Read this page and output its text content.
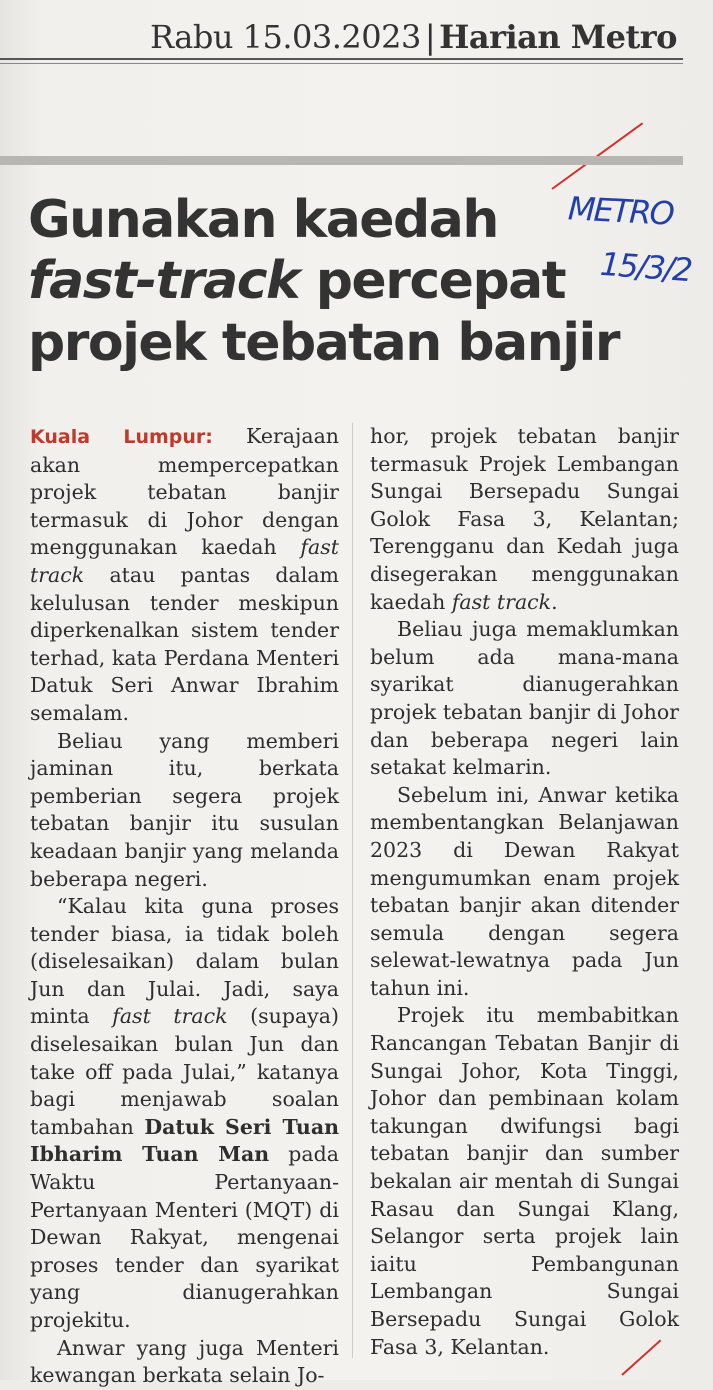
Rabu 15.03.2023 | Harian Metro
Gunakan kaedah
fast-track percepat
projek tebatan banjir
METRO
15/3/2

Kuala Lumpur: Kerajaan akan mempercepatkan projek tebatan banjir termasuk di Johor dengan menggunakan kaedah fast track atau pantas dalam kelulusan tender meskipun diperkenalkan sistem tender terhad, kata Perdana Menteri Datuk Seri Anwar Ibrahim semalam.

Beliau yang memberi jaminan itu, berkata pemberian segera projek tebatan banjir itu susulan keadaan banjir yang melanda beberapa negeri.

“Kalau kita guna proses tender biasa, ia tidak boleh (diselesaikan) dalam bulan Jun dan Julai. Jadi, saya minta fast track (supaya) diselesaikan bulan Jun dan take off pada Julai,” katanya bagi menjawab soalan tambahan Datuk Seri Tuan Ibharim Tuan Man pada Waktu Pertanyaan-Pertanyaan Menteri (MQT) di Dewan Rakyat, mengenai proses tender dan syarikat yang dianugerahkan projekitu.

Anwar yang juga Menteri kewangan berkata selain Jo-

hor, projek tebatan banjir termasuk Projek Lembangan Sungai Bersepadu Sungai Golok Fasa 3, Kelantan; Terengganu dan Kedah juga disegerakan menggunakan kaedah fast track.

Beliau juga memaklumkan belum ada mana-mana syarikat dianugerahkan projek tebatan banjir di Johor dan beberapa negeri lain setakat kelmarin.

Sebelum ini, Anwar ketika membentangkan Belanjawan 2023 di Dewan Rakyat mengumumkan enam projek tebatan banjir akan ditender semula dengan segera selewat-lewatnya pada Jun tahun ini.

Projek itu membabitkan Rancangan Tebatan Banjir di Sungai Johor, Kota Tinggi, Johor dan pembinaan kolam takungan dwifungsi bagi tebatan banjir dan sumber bekalan air mentah di Sungai Rasau dan Sungai Klang, Selangor serta projek lain iaitu Pembangunan Lembangan Sungai Bersepadu Sungai Golok Fasa 3, Kelantan.
